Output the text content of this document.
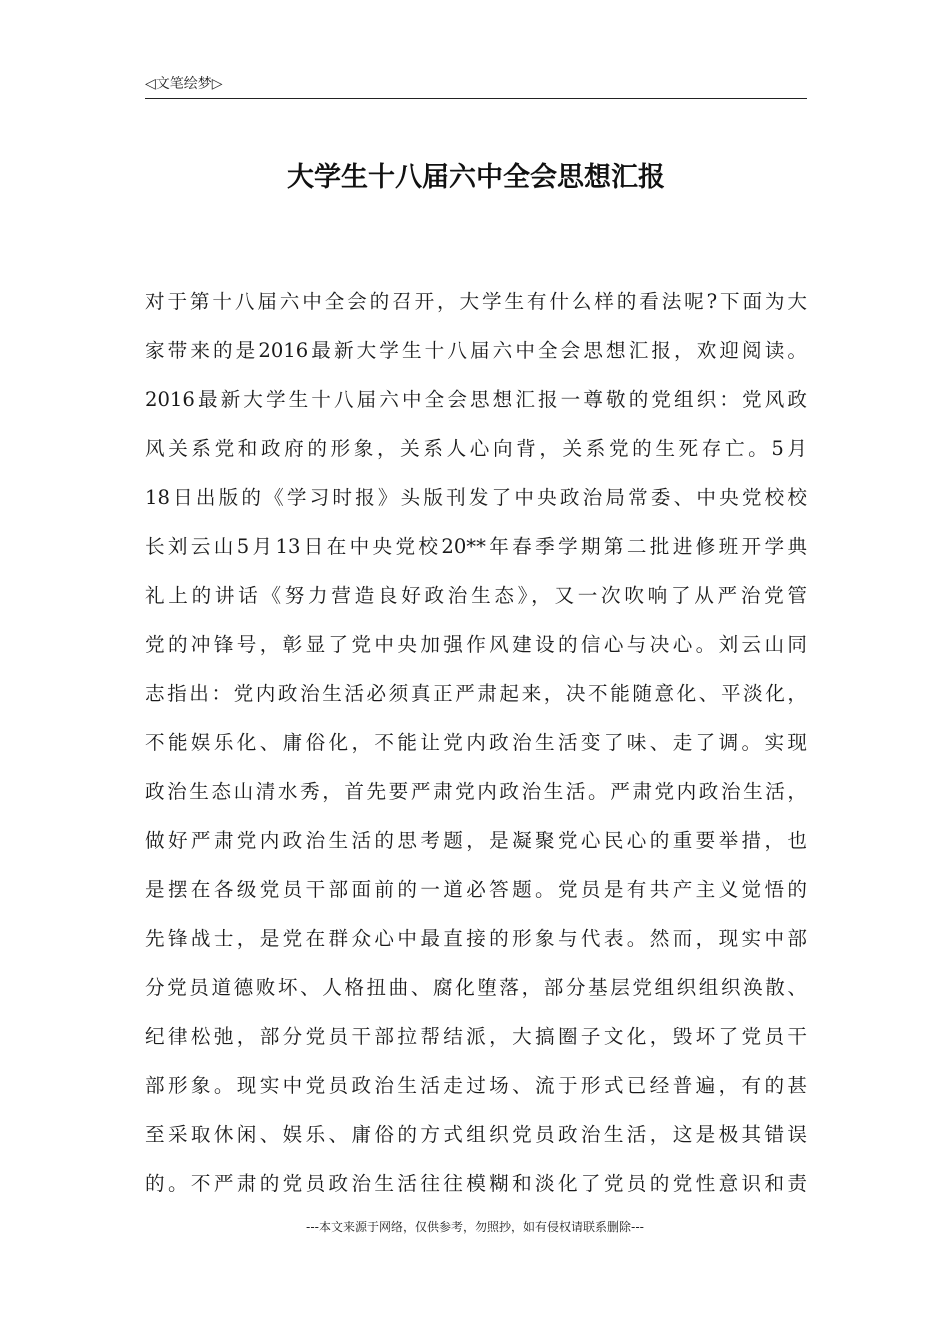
◁文笔绘梦▷
大学生十八届六中全会思想汇报
对于第十八届六中全会的召开，大学生有什么样的看法呢?下面为大
家带来的是2016最新大学生十八届六中全会思想汇报，欢迎阅读。
2016最新大学生十八届六中全会思想汇报一尊敬的党组织：党风政
风关系党和政府的形象，关系人心向背，关系党的生死存亡。5月
18日出版的《学习时报》头版刊发了中央政治局常委、中央党校校
长刘云山5月13日在中央党校20**年春季学期第二批进修班开学典
礼上的讲话《努力营造良好政治生态》，又一次吹响了从严治党管
党的冲锋号，彰显了党中央加强作风建设的信心与决心。刘云山同
志指出：党内政治生活必须真正严肃起来，决不能随意化、平淡化，
不能娱乐化、庸俗化，不能让党内政治生活变了味、走了调。实现
政治生态山清水秀，首先要严肃党内政治生活。严肃党内政治生活，
做好严肃党内政治生活的思考题，是凝聚党心民心的重要举措，也
是摆在各级党员干部面前的一道必答题。党员是有共产主义觉悟的
先锋战士，是党在群众心中最直接的形象与代表。然而，现实中部
分党员道德败坏、人格扭曲、腐化堕落，部分基层党组织组织涣散、
纪律松弛，部分党员干部拉帮结派，大搞圈子文化，毁坏了党员干
部形象。现实中党员政治生活走过场、流于形式已经普遍，有的甚
至采取休闲、娱乐、庸俗的方式组织党员政治生活，这是极其错误
的。不严肃的党员政治生活往往模糊和淡化了党员的党性意识和责
---本文来源于网络，仅供参考，勿照抄，如有侵权请联系删除---
